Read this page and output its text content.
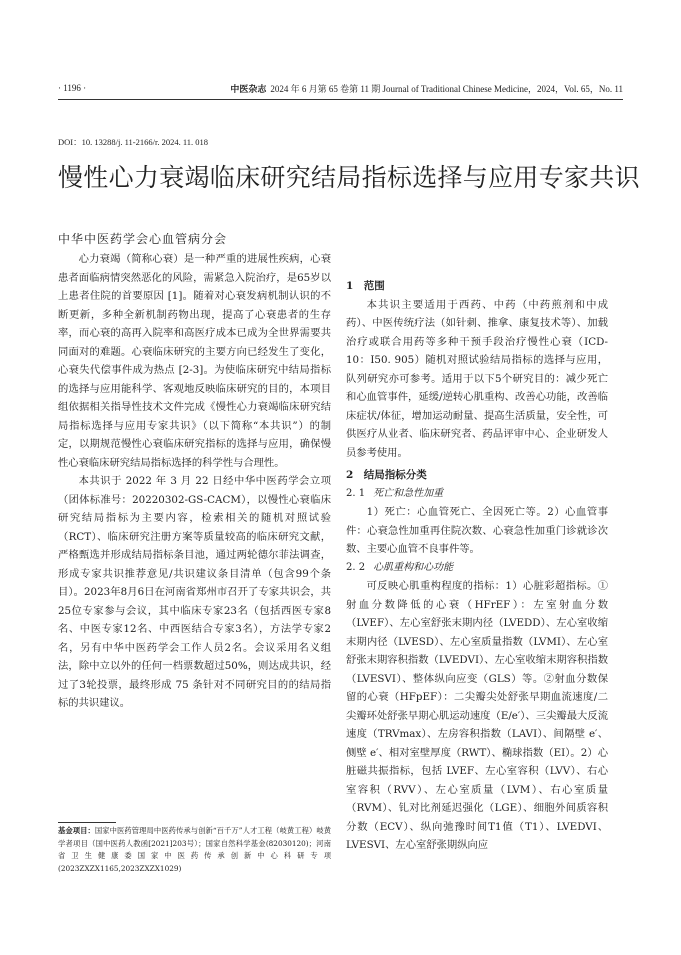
· 1196 ·	中医杂志 2024 年 6 月第 65 卷第 11 期 Journal of Traditional Chinese Medicine，2024，Vol. 65，No. 11
DOI：10. 13288/j. 11-2166/r. 2024. 11. 018
慢性心力衰竭临床研究结局指标选择与应用专家共识
中华中医药学会心血管病分会

心力衰竭（简称心衰）是一种严重的进展性疾病，心衰患者面临病情突然恶化的风险，需紧急入院治疗，是65岁以上患者住院的首要原因 [1]。随着对心衰发病机制认识的不断更新，多种全新机制药物出现，提高了心衰患者的生存率，而心衰的高再入院率和高医疗成本已成为全世界需要共同面对的难题。心衰临床研究的主要方向已经发生了变化，心衰失代偿事件成为热点 [2-3]。为使临床研究中结局指标的选择与应用能科学、客观地反映临床研究的目的，本项目组依据相关指导性技术文件完成《慢性心力衰竭临床研究结局指标选择与应用专家共识》（以下简称“本共识”）的制定，以期规范慢性心衰临床研究指标的选择与应用，确保慢性心衰临床研究结局指标选择的科学性与合理性。

本共识于 2022 年 3 月 22 日经中华中医药学会立项（团体标准号：20220302-GS-CACM），以慢性心衰临床研究结局指标为主要内容，检索相关的随机对照试验（RCT）、临床研究注册方案等质量较高的临床研究文献，严格甄选并形成结局指标条目池，通过两轮德尔菲法调查，形成专家共识推荐意见/共识建议条目清单（包含99个条目）。2023年8月6日在河南省郑州市召开了专家共识会，共25位专家参与会议，其中临床专家23名（包括西医专家8名、中医专家12名、中西医结合专家3名），方法学专家2名，另有中华中医药学会工作人员2名。会议采用名义组法，除中立以外的任何一档票数超过50%，则达成共识，经过了3轮投票，最终形成 75 条针对不同研究目的的结局指标的共识建议。

基金项目：国家中医药管理局中医药传承与创新“百千万”人才工程（岐黄工程）岐黄学者项目（国中医药人教函[2021]203号）；国家自然科学基金(82030120)；河南省卫生健康委国家中医药传承创新中心科研专项(2023ZXZX1165,2023ZXZX1029)

1　范围

本共识主要适用于西药、中药（中药煎剂和中成药）、中医传统疗法（如针刺、推拿、康复技术等）、加载治疗或联合用药等多种干预手段治疗慢性心衰（ICD-10：I50. 905）随机对照试验结局指标的选择与应用，队列研究亦可参考。适用于以下5个研究目的：减少死亡和心血管事件，延缓/逆转心肌重构、改善心功能，改善临床症状/体征，增加运动耐量、提高生活质量，安全性，可供医疗从业者、临床研究者、药品评审中心、企业研发人员参考使用。

2　结局指标分类
2. 1 死亡和急性加重

1）死亡：心血管死亡、全因死亡等。2）心血管事件：心衰急性加重再住院次数、心衰急性加重门诊就诊次数、主要心血管不良事件等。

2. 2 心肌重构和心功能

可反映心肌重构程度的指标：1）心脏彩超指标。①射血分数降低的心衰（HFrEF）：左室射血分数（LVEF）、左心室舒张末期内径（LVEDD）、左心室收缩末期内径（LVESD）、左心室质量指数（LVMI）、左心室舒张末期容积指数（LVEDVI）、左心室收缩末期容积指数（LVESVI）、整体纵向应变（GLS）等。②射血分数保留的心衰（HFpEF）：二尖瓣尖处舒张早期血流速度/二尖瓣环处舒张早期心肌运动速度（E/e′）、三尖瓣最大反流速度（TRVmax）、左房容积指数（LAVI）、间隔壁 e′、侧壁 e′、相对室壁厚度（RWT）、椭球指数（EI）。2）心脏磁共振指标，包括 LVEF、左心室容积（LVV）、右心室容积（RVV）、左心室质量（LVM）、右心室质量（RVM）、钆对比剂延迟强化（LGE）、细胞外间质容积分数（ECV）、纵向弛豫时间T1值（T1）、LVEDVI、LVESVI、左心室舒张期纵向应
